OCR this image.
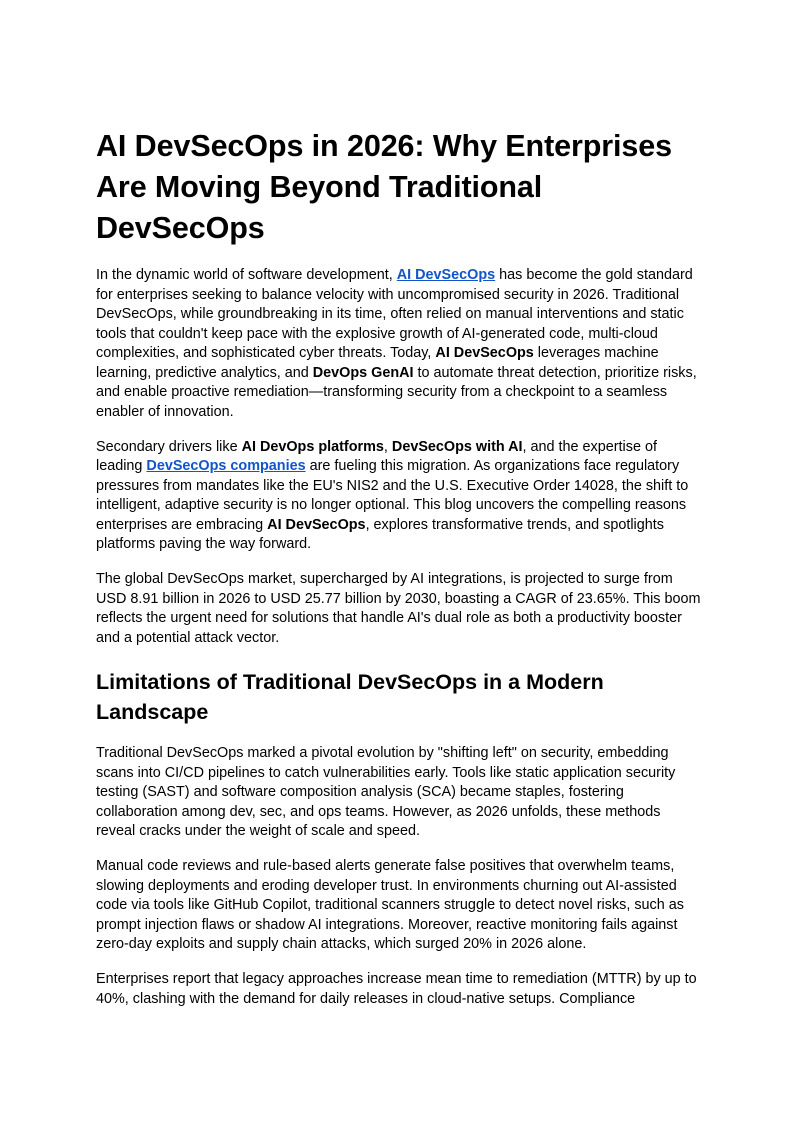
AI DevSecOps in 2026: Why Enterprises Are Moving Beyond Traditional DevSecOps

In the dynamic world of software development, AI DevSecOps has become the gold standard for enterprises seeking to balance velocity with uncompromised security in 2026. Traditional DevSecOps, while groundbreaking in its time, often relied on manual interventions and static tools that couldn't keep pace with the explosive growth of AI-generated code, multi-cloud complexities, and sophisticated cyber threats. Today, AI DevSecOps leverages machine learning, predictive analytics, and DevOps GenAI to automate threat detection, prioritize risks, and enable proactive remediation—transforming security from a checkpoint to a seamless enabler of innovation.

Secondary drivers like AI DevOps platforms, DevSecOps with AI, and the expertise of leading DevSecOps companies are fueling this migration. As organizations face regulatory pressures from mandates like the EU's NIS2 and the U.S. Executive Order 14028, the shift to intelligent, adaptive security is no longer optional. This blog uncovers the compelling reasons enterprises are embracing AI DevSecOps, explores transformative trends, and spotlights platforms paving the way forward.

The global DevSecOps market, supercharged by AI integrations, is projected to surge from USD 8.91 billion in 2026 to USD 25.77 billion by 2030, boasting a CAGR of 23.65%. This boom reflects the urgent need for solutions that handle AI's dual role as both a productivity booster and a potential attack vector.

Limitations of Traditional DevSecOps in a Modern Landscape

Traditional DevSecOps marked a pivotal evolution by "shifting left" on security, embedding scans into CI/CD pipelines to catch vulnerabilities early. Tools like static application security testing (SAST) and software composition analysis (SCA) became staples, fostering collaboration among dev, sec, and ops teams. However, as 2026 unfolds, these methods reveal cracks under the weight of scale and speed.

Manual code reviews and rule-based alerts generate false positives that overwhelm teams, slowing deployments and eroding developer trust. In environments churning out AI-assisted code via tools like GitHub Copilot, traditional scanners struggle to detect novel risks, such as prompt injection flaws or shadow AI integrations. Moreover, reactive monitoring fails against zero-day exploits and supply chain attacks, which surged 20% in 2026 alone.

Enterprises report that legacy approaches increase mean time to remediation (MTTR) by up to 40%, clashing with the demand for daily releases in cloud-native setups. Compliance
